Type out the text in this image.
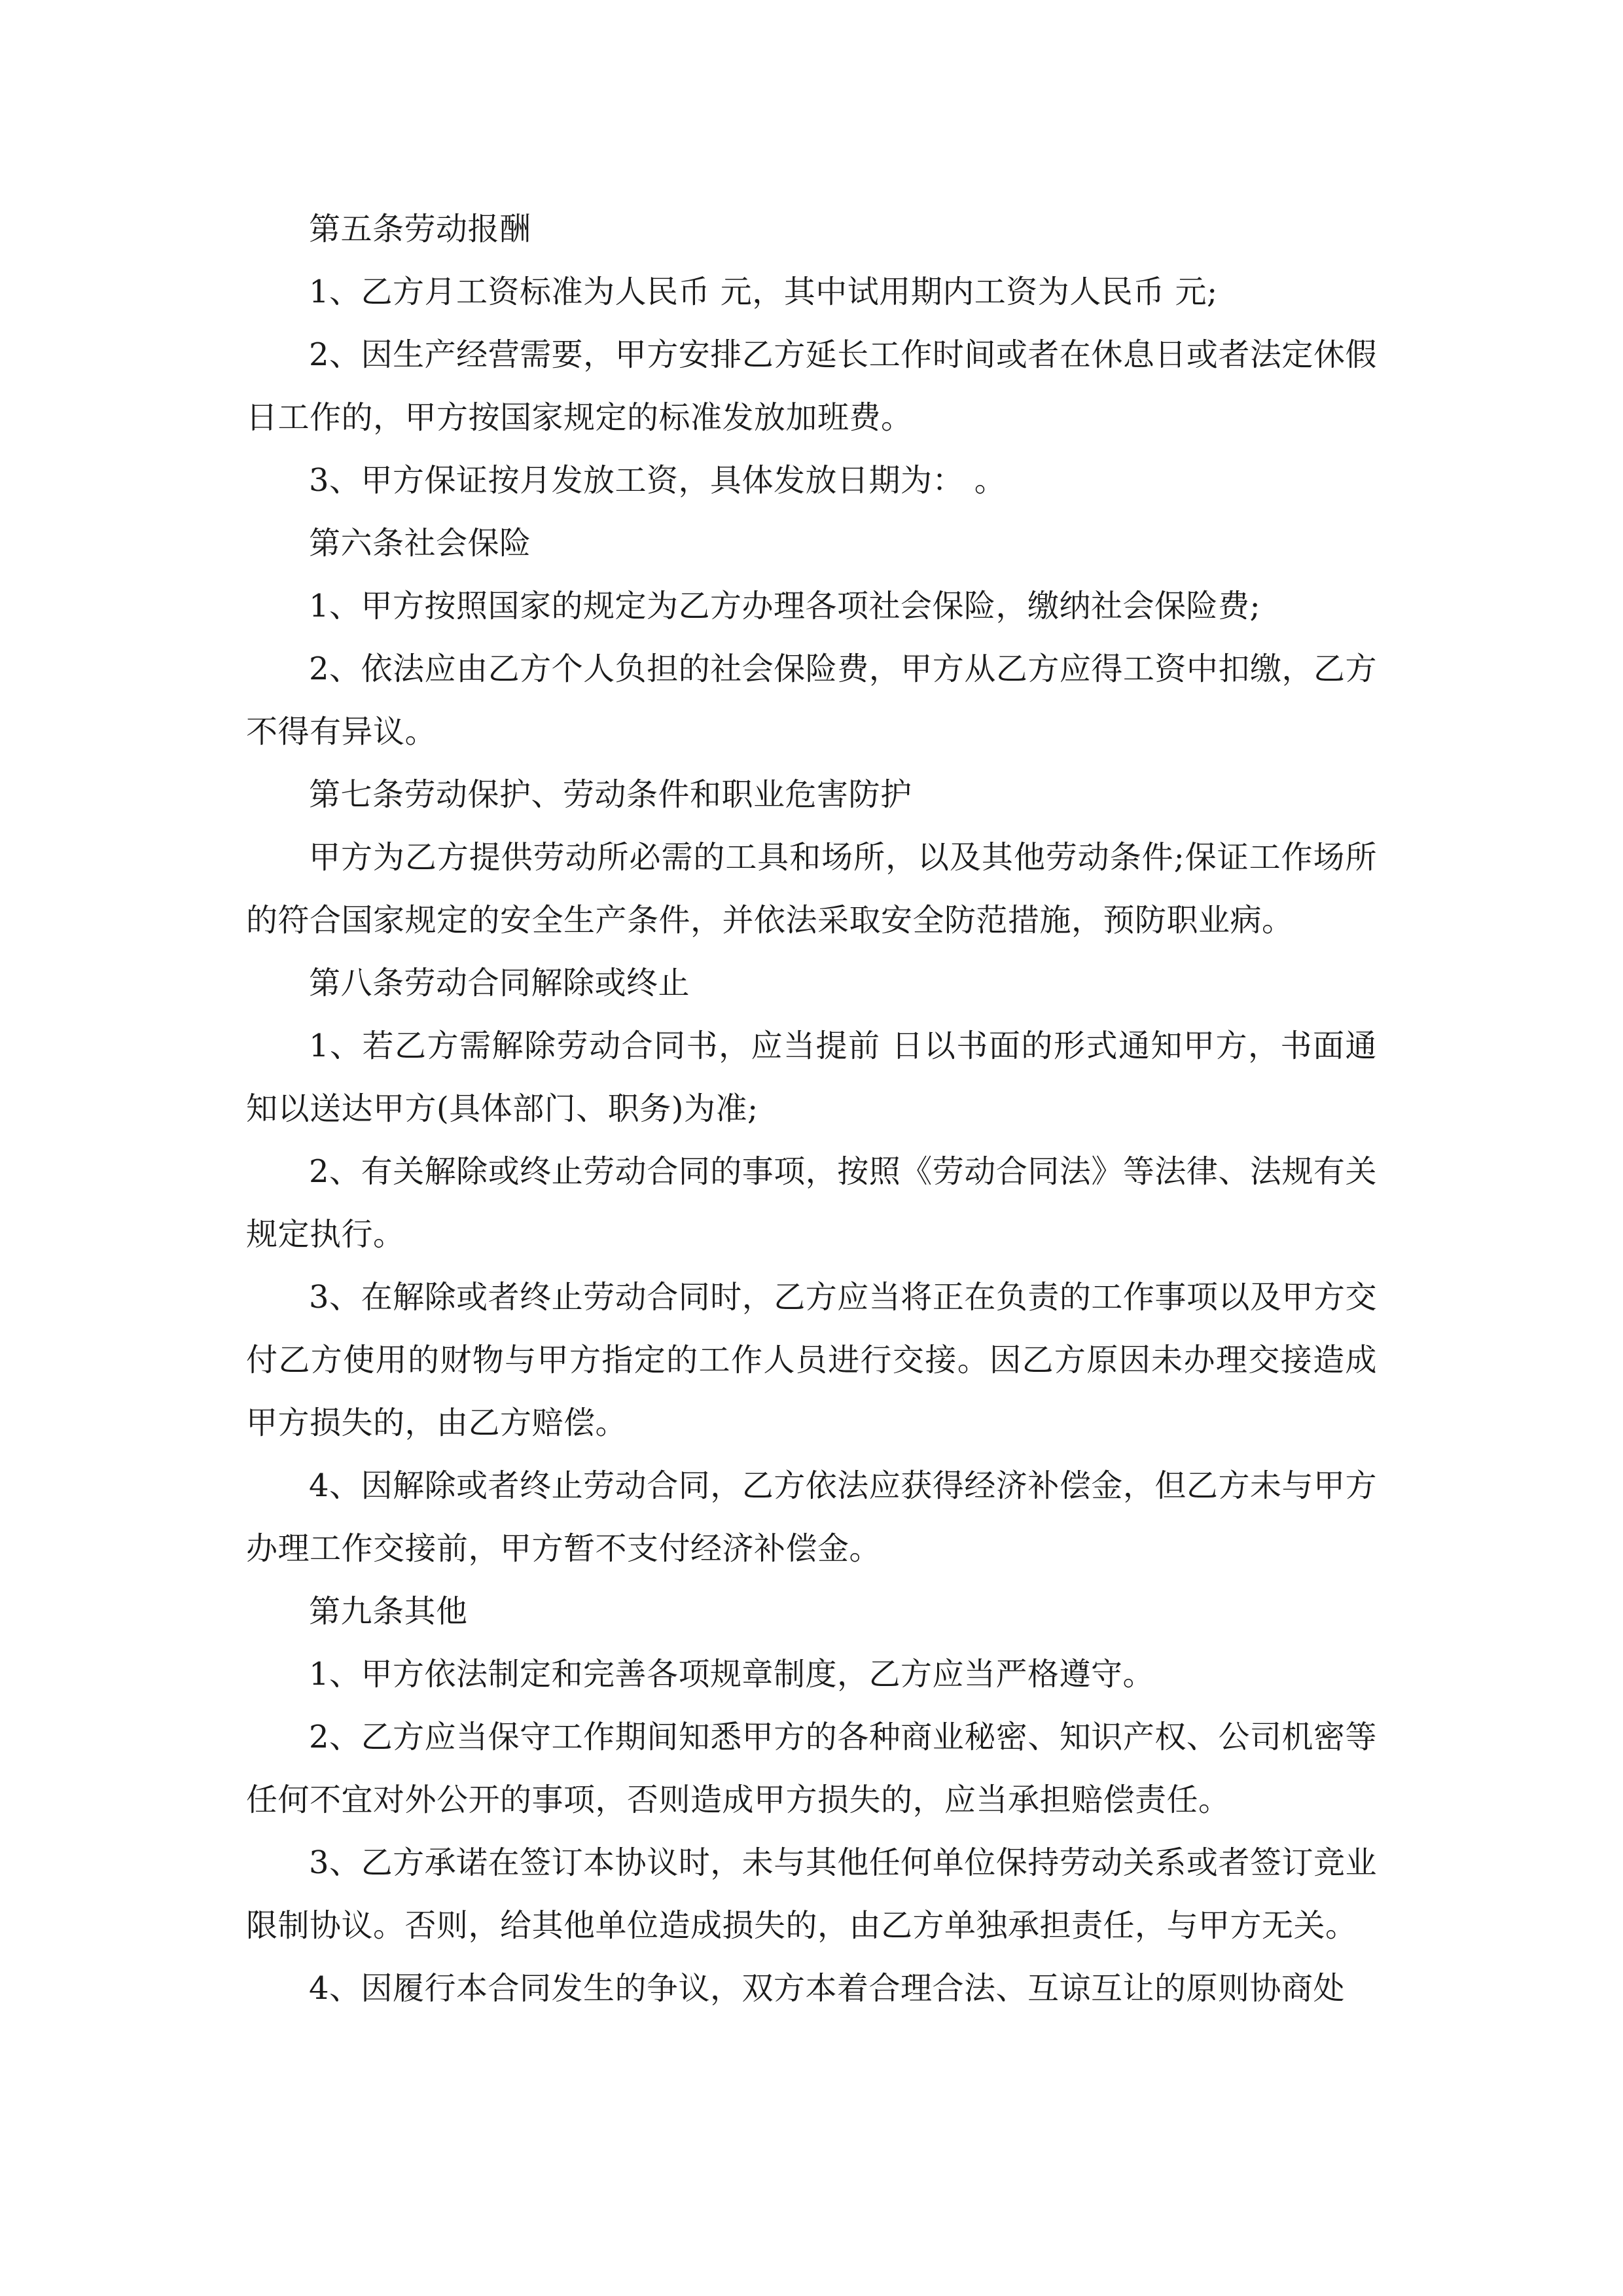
第五条劳动报酬

1、乙方月工资标准为人民币 元，其中试用期内工资为人民币 元;

2、因生产经营需要，甲方安排乙方延长工作时间或者在休息日或者法定休假日工作的，甲方按国家规定的标准发放加班费。

3、甲方保证按月发放工资，具体发放日期为： 。

第六条社会保险

1、甲方按照国家的规定为乙方办理各项社会保险，缴纳社会保险费;

2、依法应由乙方个人负担的社会保险费，甲方从乙方应得工资中扣缴，乙方不得有异议。

第七条劳动保护、劳动条件和职业危害防护

甲方为乙方提供劳动所必需的工具和场所，以及其他劳动条件;保证工作场所的符合国家规定的安全生产条件，并依法采取安全防范措施，预防职业病。

第八条劳动合同解除或终止

1、若乙方需解除劳动合同书，应当提前 日以书面的形式通知甲方，书面通知以送达甲方(具体部门、职务)为准;

2、有关解除或终止劳动合同的事项，按照《劳动合同法》等法律、法规有关规定执行。

3、在解除或者终止劳动合同时，乙方应当将正在负责的工作事项以及甲方交付乙方使用的财物与甲方指定的工作人员进行交接。因乙方原因未办理交接造成甲方损失的，由乙方赔偿。

4、因解除或者终止劳动合同，乙方依法应获得经济补偿金，但乙方未与甲方办理工作交接前，甲方暂不支付经济补偿金。

第九条其他

1、甲方依法制定和完善各项规章制度，乙方应当严格遵守。

2、乙方应当保守工作期间知悉甲方的各种商业秘密、知识产权、公司机密等任何不宜对外公开的事项，否则造成甲方损失的，应当承担赔偿责任。

3、乙方承诺在签订本协议时，未与其他任何单位保持劳动关系或者签订竞业限制协议。否则，给其他单位造成损失的，由乙方单独承担责任，与甲方无关。

4、因履行本合同发生的争议，双方本着合理合法、互谅互让的原则协商处
